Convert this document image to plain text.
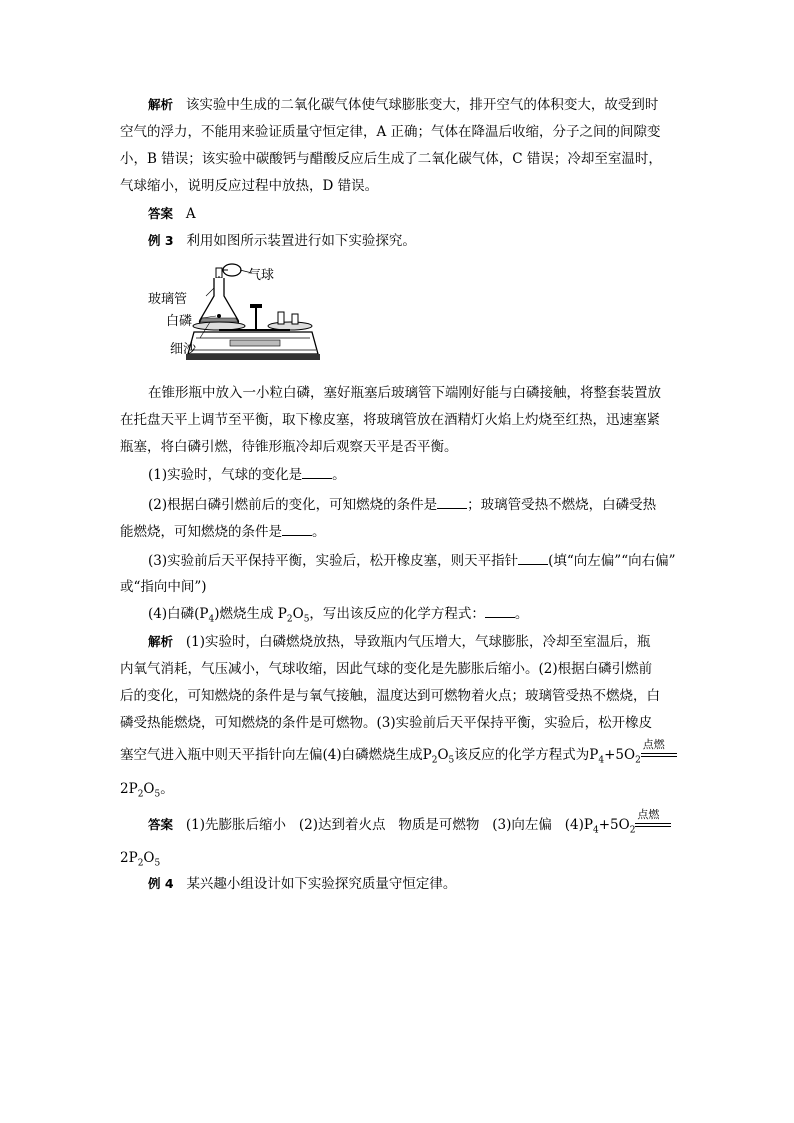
解析 该实验中生成的二氧化碳气体使气球膨胀变大，排开空气的体积变大，故受到时
空气的浮力，不能用来验证质量守恒定律，A 正确；气体在降温后收缩，分子之间的间隙变
小，B 错误；该实验中碳酸钙与醋酸反应后生成了二氧化碳气体，C 错误；冷却至室温时，
气球缩小，说明反应过程中放热，D 错误。
答案 A
例 3 利用如图所示装置进行如下实验探究。
气球
玻璃管
白磷
细沙
在锥形瓶中放入一小粒白磷，塞好瓶塞后玻璃管下端刚好能与白磷接触，将整套装置放
在托盘天平上调节至平衡，取下橡皮塞，将玻璃管放在酒精灯火焰上灼烧至红热，迅速塞紧
瓶塞，将白磷引燃，待锥形瓶冷却后观察天平是否平衡。
(1)实验时，气球的变化是 。
(2)根据白磷引燃前后的变化，可知燃烧的条件是 ；玻璃管受热不燃烧，白磷受热
能燃烧，可知燃烧的条件是 。
(3)实验前后天平保持平衡，实验后，松开橡皮塞，则天平指针 (填“向左偏”“向右偏”
或“指向中间”)
(4)白磷$(P_4)$燃烧生成 $P_2O_5$，写出该反应的化学方程式： 。
解析 (1)实验时，白磷燃烧放热，导致瓶内气压增大，气球膨胀，冷却至室温后，瓶
内氧气消耗，气压减小，气球收缩，因此气球的变化是先膨胀后缩小。(2)根据白磷引燃前
后的变化，可知燃烧的条件是与氧气接触，温度达到可燃物着火点；玻璃管受热不燃烧，白
磷受热能燃烧，可知燃烧的条件是可燃物。(3)实验前后天平保持平衡，实验后，松开橡皮
塞空气进入瓶中则天平指针向左偏(4)白磷燃烧生成$P_2O_5$该反应的化学方程式为$P_4+5O_2$
点燃
$2P_2O_5$。
答案 (1)先膨胀后缩小 (2)达到着火点 物质是可燃物 (3)向左偏 $(4)P_4+5O_2$
点燃
$2P_2O_5$
例 4 某兴趣小组设计如下实验探究质量守恒定律。
